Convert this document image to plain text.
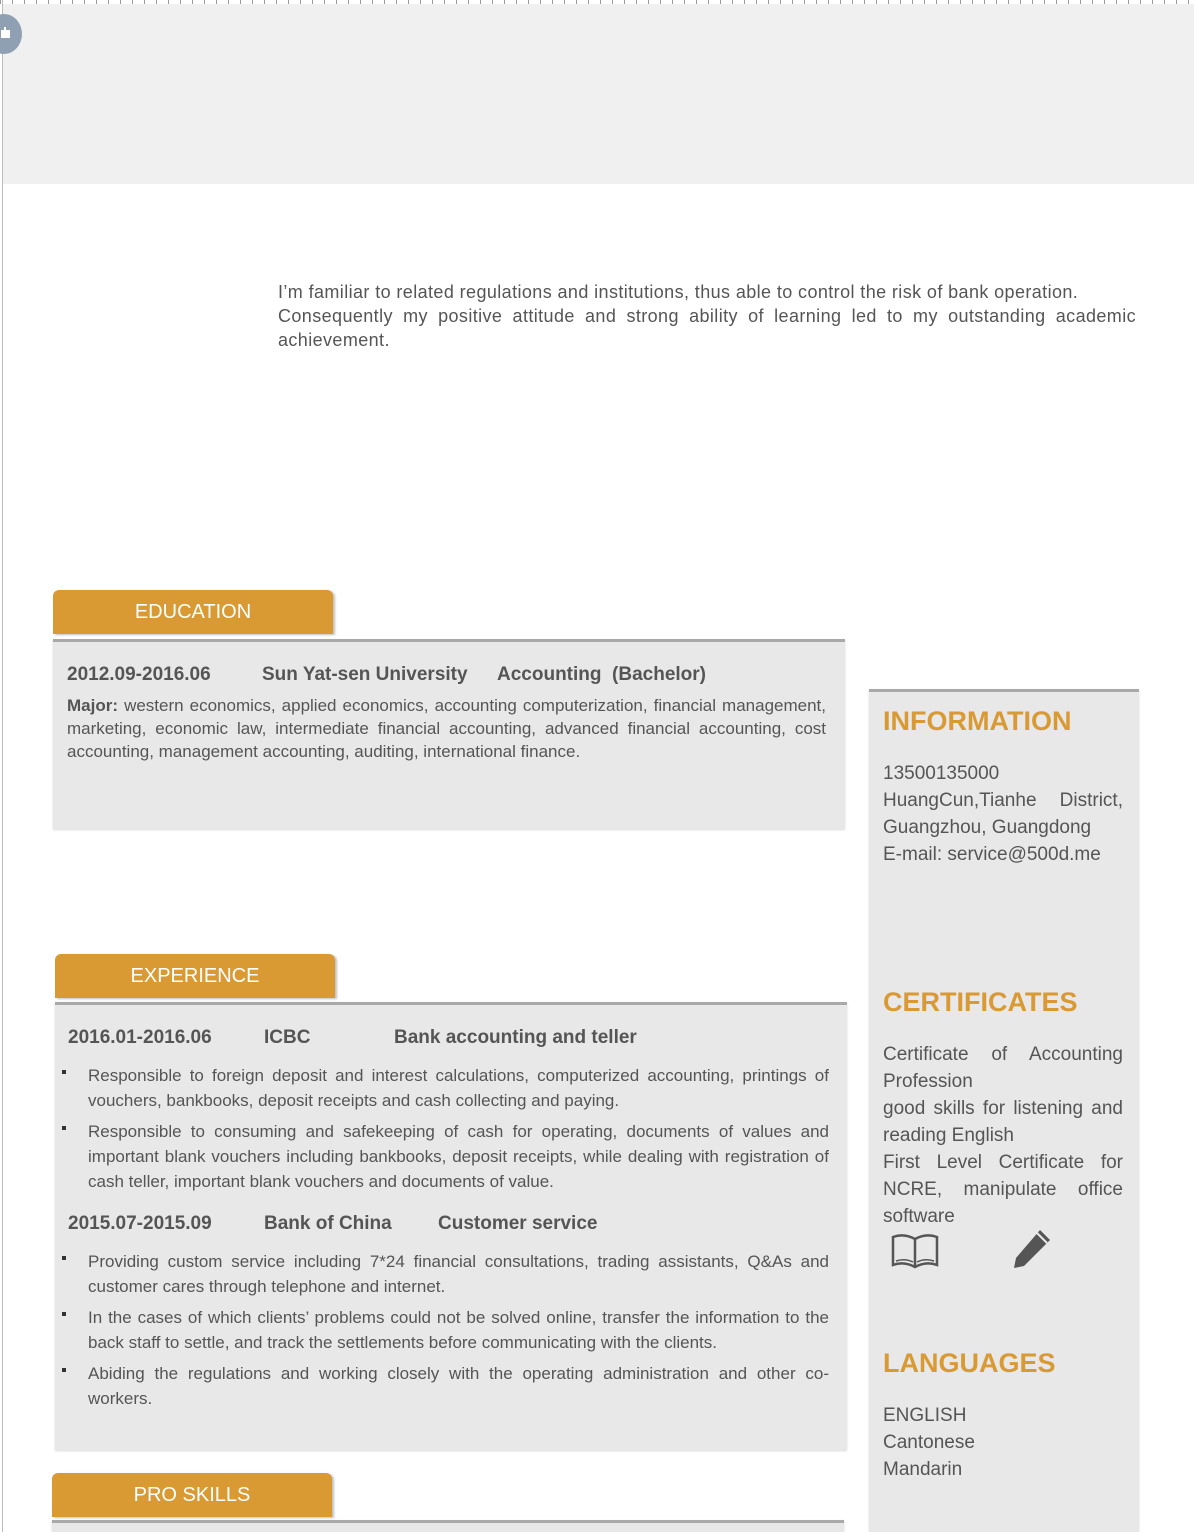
I’m familiar to related regulations and institutions, thus able to control the risk of bank operation.

Consequently my positive attitude and strong ability of learning led to my outstanding academic achievement.

EDUCATION
2012.09-2016.06	Sun Yat-sen University Accounting  (Bachelor)
Major: western economics, applied economics, accounting computerization, financial management, marketing, economic law, intermediate financial accounting, advanced financial accounting, cost accounting, management accounting, auditing, international finance.
EXPERIENCE
2016.01-2016.06	ICBC	Bank accounting and teller
Responsible to foreign deposit and interest calculations, computerized accounting, printings of vouchers, bankbooks, deposit receipts and cash collecting and paying.
Responsible to consuming and safekeeping of cash for operating, documents of values and important blank vouchers including bankbooks, deposit receipts, while dealing with registration of cash teller, important blank vouchers and documents of value.
2015.07-2015.09	Bank of China Customer service
Providing custom service including 7*24 financial consultations, trading assistants, Q&As and customer cares through telephone and internet.
In the cases of which clients’ problems could not be solved online, transfer the information to the back staff to settle, and track the settlements before communicating with the clients.
Abiding the regulations and working closely with the operating administration and other co-workers.
PRO SKILLS
INFORMATION
13500135000
HuangCun,Tianhe District,
Guangzhou, Guangdong
E-mail: service@500d.me
CERTIFICATES
Certificate of Accounting Profession
good skills for listening and reading English
First Level Certificate for NCRE, manipulate office software
LANGUAGES
ENGLISH
Cantonese
Mandarin
